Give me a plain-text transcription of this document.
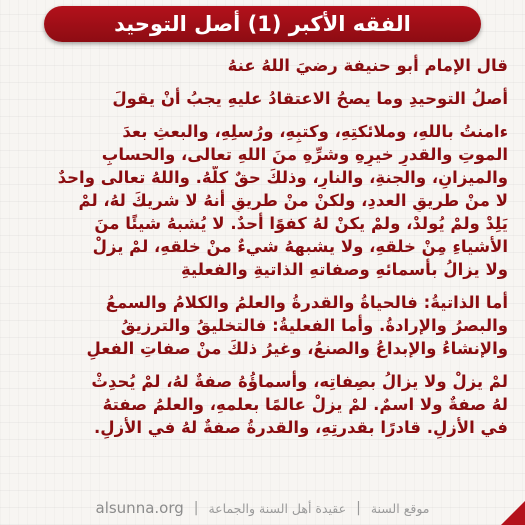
الفقه الأكبر (1) أصل التوحيد
قال الإمام أبو حنيفة رضيَ اللهُ عنهُ
أصلُ التوحيدِ وما يصحُ الاعتقادُ عليهِ يجبُ أنْ يقولَ
ءامنتُ باللهِ، وملائكتِهِ، وكتبِهِ، ورُسلِهِ، والبعثِ بعدَ
الموتِ والقدرِ خيرِهِ وشرِّهِ منَ اللهِ تعالى، والحسابِ
والميزانِ، والجنةِ، والنارِ، وذلكَ حقٌ كلُّهُ. واللهُ تعالى واحدٌ
لا منْ طريقِ العددِ، ولكنْ منْ طريقِ أنهُ لا شريكَ لهُ، لمْ
يَلِدْ ولمْ يُولدْ، ولمْ يكنْ لهُ كفوًا أحدٌ. لا يُشبهُ شيئًا منَ
الأشياءِ مِنْ خلقهِ، ولا يشبههُ شيءٌ منْ خلقهِ، لمْ يزلْ
ولا يزالُ بأسمائهِ وصفاتهِ الذاتيةِ والفعليةِ
أما الذاتيةُ: فالحياةُ والقدرةُ والعلمُ والكلامُ والسمعُ
والبصرُ والإرادةُ. وأما الفعليةُ: فالتخليقُ والترزيقُ
والإنشاءُ والإبداعُ والصنعُ، وغيرُ ذلكَ منْ صفاتِ الفعلِ
لمْ يزلْ ولا يزالُ بصِفاتِه، وأسماؤُهُ صفةٌ لهُ، لمْ يُحدِثْ
لهُ صفةٌ ولا اسمٌ. لمْ يزلْ عالمًا بعلمهِ، والعلمُ صفتهُ
في الأزلِ. قادرًا بقدرتِهِ، والقدرةُ صفةٌ لهُ في الأزلِ.
alsunna.org | عقيدة أهل السنة والجماعة | موقع السنة
